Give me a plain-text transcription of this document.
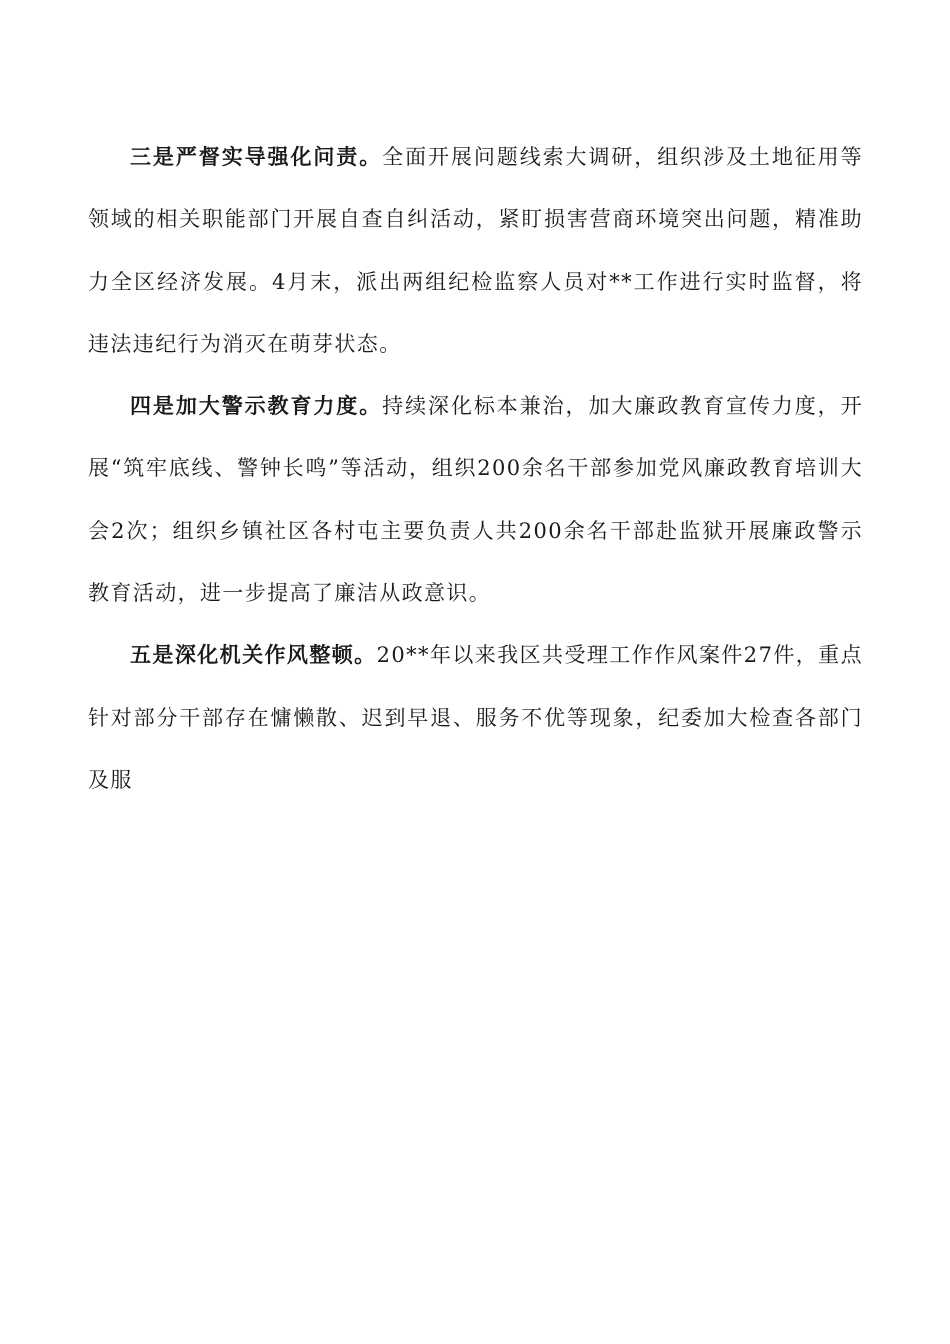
三是严督实导强化问责。全面开展问题线索大调研，组织涉及土地征用等领域的相关职能部门开展自查自纠活动，紧盯损害营商环境突出问题，精准助力全区经济发展。4月末，派出两组纪检监察人员对**工作进行实时监督，将违法违纪行为消灭在萌芽状态。

四是加大警示教育力度。持续深化标本兼治，加大廉政教育宣传力度，开展“筑牢底线、警钟长鸣”等活动，组织200余名干部参加党风廉政教育培训大会2次；组织乡镇社区各村屯主要负责人共200余名干部赴监狱开展廉政警示教育活动，进一步提高了廉洁从政意识。

五是深化机关作风整顿。20**年以来我区共受理工作作风案件27件，重点针对部分干部存在慵懒散、迟到早退、服务不优等现象，纪委加大检查各部门及服
